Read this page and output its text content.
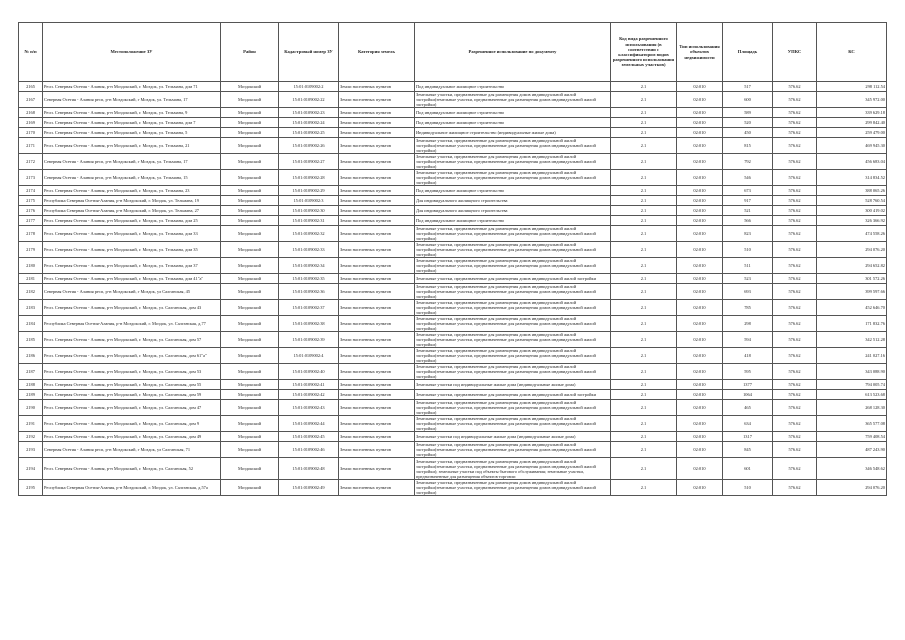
№ п/п	Местоположение ЗУ	Район	Кадастровый номер ЗУ	Категория земель	Разрешенное использование по документу	Код вида разрешенного использования (в соответствии с классификатором видов разрешенного использования земельных участков)	Тип использования объектов недвижимости	Площадь	УПКС	КС
2165	Респ. Северная Осетия - Алания, р-н Моздокский, г. Моздок, ул. Тельмана, дом 71	Моздокский	15:01:0109002:2	Земли населенных пунктов	Под индивидуальное жилищное строительство	2.1	02:010	517	576.62	298 112.54
2167	Северная Осетия - Алания респ, р-н Моздокский, г Моздок, ул. Тельмана, 17	Моздокский	15:01:0109002:22	Земли населенных пунктов	Земельные участки, предназначенные для размещения домов индивидуальной жилой застройки(земельные участки, предназначенные для размещения домов индивидуальной жилой застройки)	2.1	02:010	600	576.62	345 972.00
2168	Респ. Северная Осетия - Алания, р-н Моздокский, г. Моздок, ул. Тельмана, 9	Моздокский	15:01:0109002:23	Земли населенных пунктов	Под индивидуальное жилищное строительство	2.1	02:010	589	576.62	339 629.18
2169	Респ. Северная Осетия - Алания, р-н Моздокский, г. Моздок, ул. Тельмана, дом 7	Моздокский	15:01:0109002:24	Земли населенных пунктов	Под индивидуальное жилищное строительство	2.1	02:010	520	576.62	299 842.40
2170	Респ. Северная Осетия - Алания, р-н Моздокский, г. Моздок, ул. Тельмана, 5	Моздокский	15:01:0109002:25	Земли населенных пунктов	Индивидуальное жилищное строительство (индивидуальные жилые дома)	2.1	02:010	450	576.62	259 479.00
2171	Респ. Северная Осетия - Алания, р-н Моздокский, г. Моздок, ул. Тельмана, 21	Моздокский	15:01:0109002:26	Земли населенных пунктов	Земельные участки, предназначенные для размещения домов индивидуальной жилой застройки(земельные участки, предназначенные для размещения домов индивидуальной жилой застройки)	2.1	02:010	815	576.62	469 945.30
2172	Северная Осетия - Алания респ, р-н Моздокский, г Моздок, ул. Тельмана, 17	Моздокский	15:01:0109002:27	Земли населенных пунктов	Земельные участки, предназначенные для размещения домов индивидуальной жилой застройки(земельные участки, предназначенные для размещения домов индивидуальной жилой застройки)	2.1	02:010	792	576.62	456 683.04
2173	Северная Осетия - Алания респ, р-н Моздокский, г Моздок, ул. Тельмана, 15	Моздокский	15:01:0109002:28	Земли населенных пунктов	Земельные участки, предназначенные для размещения домов индивидуальной жилой застройки(земельные участки, предназначенные для размещения домов индивидуальной жилой застройки)	2.1	02:010	546	576.62	314 834.52
2174	Респ. Северная Осетия - Алания, р-н Моздокский, г. Моздок, ул. Тельмана, 23	Моздокский	15:01:0109002:29	Земли населенных пунктов	Под индивидуальное жилищное строительство	2.1	02:010	673	576.62	388 065.26
2175	Республика Северная Осетия-Алания, р-н Моздокский, г. Моздок, ул. Тельмана, 19	Моздокский	15:01:0109002:3	Земли населенных пунктов	Для индивидуального жилищного строительства	2.1	02:010	917	576.62	528 760.54
2176	Республика Северная Осетия-Алания, р-н Моздокский, г. Моздок, ул. Тельмана, 27	Моздокский	15:01:0109002:30	Земли населенных пунктов	Для индивидуального жилищного строительства	2.1	02:010	521	576.62	300 419.02
2177	Респ. Северная Осетия - Алания, р-н Моздокский, г. Моздок, ул. Тельмана, дом 25	Моздокский	15:01:0109002:31	Земли населенных пунктов	Под индивидуальное жилищное строительство	2.1	02:010	566	576.62	326 366.92
2178	Респ. Северная Осетия - Алания, р-н Моздокский, г. Моздок, ул. Тельмана, дом 33	Моздокский	15:01:0109002:32	Земли населенных пунктов	Земельные участки, предназначенные для размещения домов индивидуальной жилой застройки(земельные участки, предназначенные для размещения домов индивидуальной жилой застройки)	2.1	02:010	823	576.62	474 558.26
2179	Респ. Северная Осетия - Алания, р-н Моздокский, г. Моздок, ул. Тельмана, дом 35	Моздокский	15:01:0109002:33	Земли населенных пунктов	Земельные участки, предназначенные для размещения домов индивидуальной жилой застройки(земельные участки, предназначенные для размещения домов индивидуальной жилой застройки)	2.1	02:010	510	576.62	294 076.20
2180	Респ. Северная Осетия - Алания, р-н Моздокский, г. Моздок, ул. Тельмана, дом 37	Моздокский	15:01:0109002:34	Земли населенных пунктов	Земельные участки, предназначенные для размещения домов индивидуальной жилой застройки(земельные участки, предназначенные для размещения домов индивидуальной жилой застройки)	2.1	02:010	511	576.62	294 652.82
2181	Респ. Северная Осетия - Алания, р-н Моздокский, г. Моздок, ул. Тельмана, дом 41"а"	Моздокский	15:01:0109002:35	Земли населенных пунктов	Земельные участки, предназначенные для размещения домов индивидуальной жилой застройки	2.1	02:010	523	576.62	301 572.26
2182	Северная Осетия - Алания респ, р-н Моздокский, г Моздок, ул Салганская, 45	Моздокский	15:01:0109002:36	Земли населенных пунктов	Земельные участки, предназначенные для размещения домов индивидуальной жилой застройки(земельные участки, предназначенные для размещения домов индивидуальной жилой застройки)	2.1	02:010	693	576.62	399 597.66
2183	Респ. Северная Осетия - Алания, р-н Моздокский, г. Моздок, ул. Салганская, дом 43	Моздокский	15:01:0109002:37	Земли населенных пунктов	Земельные участки, предназначенные для размещения домов индивидуальной жилой застройки(земельные участки, предназначенные для размещения домов индивидуальной жилой застройки)	2.1	02:010	785	576.62	452 646.70
2184	Республика Северная Осетия-Алания, р-н Моздокский, г. Моздок, ул. Салганская, д.77	Моздокский	15:01:0109002:38	Земли населенных пунктов	Земельные участки, предназначенные для размещения домов индивидуальной жилой застройки(земельные участки, предназначенные для размещения домов индивидуальной жилой застройки)	2.1	02:010	298	576.62	171 832.76
2185	Респ. Северная Осетия - Алания, р-н Моздокский, г. Моздок, ул. Салганская, дом 57	Моздокский	15:01:0109002:39	Земли населенных пунктов	Земельные участки, предназначенные для размещения домов индивидуальной жилой застройки(земельные участки, предназначенные для размещения домов индивидуальной жилой застройки)	2.1	02:010	594	576.62	342 512.28
2186	Респ. Северная Осетия - Алания, р-н Моздокский, г. Моздок, ул. Салганская, дом 61"а"	Моздокский	15:01:0109002:4	Земли населенных пунктов	Земельные участки, предназначенные для размещения домов индивидуальной жилой застройки(земельные участки, предназначенные для размещения домов индивидуальной жилой застройки)	2.1	02:010	418	576.62	241 027.16
2187	Респ. Северная Осетия - Алания, р-н Моздокский, г. Моздок, ул. Салганская, дом 53	Моздокский	15:01:0109002:40	Земли населенных пунктов	Земельные участки, предназначенные для размещения домов индивидуальной жилой застройки(земельные участки, предназначенные для размещения домов индивидуальной жилой застройки)	2.1	02:010	595	576.62	343 088.90
2188	Респ. Северная Осетия - Алания, р-н Моздокский, г. Моздок, ул. Салганская, дом 55	Моздокский	15:01:0109002:41	Земли населенных пунктов	Земельные участки под индивидуальные жилые дома (индивидуальные жилые дома)	2.1	02:010	1377	576.62	794 005.74
2189	Респ. Северная Осетия - Алания, р-н Моздокский, г. Моздок, ул. Салганская, дом 59	Моздокский	15:01:0109002:42	Земли населенных пунктов	Земельные участки, предназначенные для размещения домов индивидуальной жилой застройки	2.1	02:010	1064	576.62	613 523.68
2190	Респ. Северная Осетия - Алания, р-н Моздокский, г. Моздок, ул. Салганская, дом 47	Моздокский	15:01:0109002:43	Земли населенных пунктов	Земельные участки, предназначенные для размещения домов индивидуальной жилой застройки(земельные участки, предназначенные для размещения домов индивидуальной жилой застройки)	2.1	02:010	465	576.62	268 128.30
2191	Респ. Северная Осетия - Алания, р-н Моздокский, г. Моздок, ул. Салганская, дом 9	Моздокский	15:01:0109002:44	Земли населенных пунктов	Земельные участки, предназначенные для размещения домов индивидуальной жилой застройки(земельные участки, предназначенные для размещения домов индивидуальной жилой застройки)	2.1	02:010	634	576.62	365 577.08
2192	Респ. Северная Осетия - Алания, р-н Моздокский, г. Моздок, ул. Салганская, дом 49	Моздокский	15:01:0109002:45	Земли населенных пунктов	Земельные участки под индивидуальные жилые дома (индивидуальные жилые дома)	2.1	02:010	1317	576.62	759 408.54
2193	Северная Осетия - Алания респ, р-н Моздокский, г Моздок, ул Салганская, 71	Моздокский	15:01:0109002:46	Земли населенных пунктов	Земельные участки, предназначенные для размещения домов индивидуальной жилой застройки(земельные участки, предназначенные для размещения домов индивидуальной жилой застройки)	2.1	02:010	845	576.62	487 243.90
2194	Респ. Северная Осетия - Алания, р-н Моздокский, г. Моздок, ул. Салганская, 52	Моздокский	15:01:0109002:48	Земли населенных пунктов	Земельные участки, предназначенные для размещения домов индивидуальной жилой застройки(земельные участки, предназначенные для размещения домов индивидуальной жилой застройки); земельные участки под объекты бытового обслуживания; земельные участки, предназначенные для размещения объектов торговли	2.1	02:010	601	576.62	346 548.62
2195	Республика Северная Осетия-Алания, р-н Моздокский, г. Моздок, ул. Салганская, д.57а	Моздокский	15:01:0109002:49	Земли населенных пунктов	Земельные участки, предназначенные для размещения домов индивидуальной жилой застройки(земельные участки, предназначенные для размещения домов индивидуальной жилой застройки)	2.1	02:010	510	576.62	294 076.20
